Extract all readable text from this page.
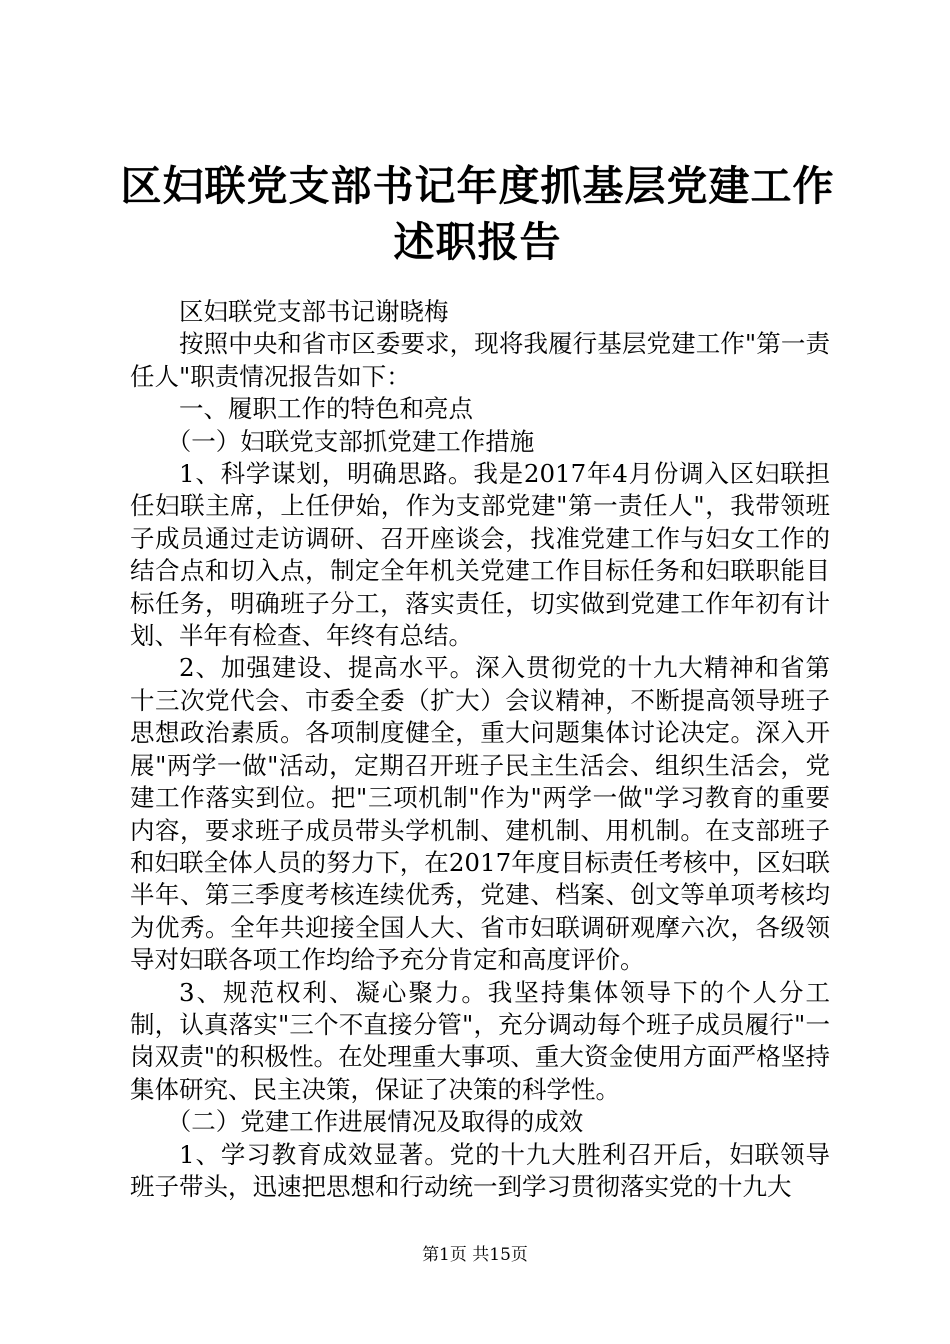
区妇联党支部书记年度抓基层党建工作述职报告

区妇联党支部书记谢晓梅

按照中央和省市区委要求，现将我履行基层党建工作"第一责任人"职责情况报告如下：

一、履职工作的特色和亮点

（一）妇联党支部抓党建工作措施

1、科学谋划，明确思路。我是2017年4月份调入区妇联担任妇联主席，上任伊始，作为支部党建"第一责任人"，我带领班子成员通过走访调研、召开座谈会，找准党建工作与妇女工作的结合点和切入点，制定全年机关党建工作目标任务和妇联职能目标任务，明确班子分工，落实责任，切实做到党建工作年初有计划、半年有检查、年终有总结。

2、加强建设、提高水平。深入贯彻党的十九大精神和省第十三次党代会、市委全委（扩大）会议精神，不断提高领导班子思想政治素质。各项制度健全，重大问题集体讨论决定。深入开展"两学一做"活动，定期召开班子民主生活会、组织生活会，党建工作落实到位。把"三项机制"作为"两学一做"学习教育的重要内容，要求班子成员带头学机制、建机制、用机制。在支部班子和妇联全体人员的努力下，在2017年度目标责任考核中，区妇联半年、第三季度考核连续优秀，党建、档案、创文等单项考核均为优秀。全年共迎接全国人大、省市妇联调研观摩六次，各级领导对妇联各项工作均给予充分肯定和高度评价。

3、规范权利、凝心聚力。我坚持集体领导下的个人分工制，认真落实"三个不直接分管"，充分调动每个班子成员履行"一岗双责"的积极性。在处理重大事项、重大资金使用方面严格坚持集体研究、民主决策，保证了决策的科学性。

（二）党建工作进展情况及取得的成效

1、学习教育成效显著。党的十九大胜利召开后，妇联领导班子带头，迅速把思想和行动统一到学习贯彻落实党的十九大

第1页 共15页
